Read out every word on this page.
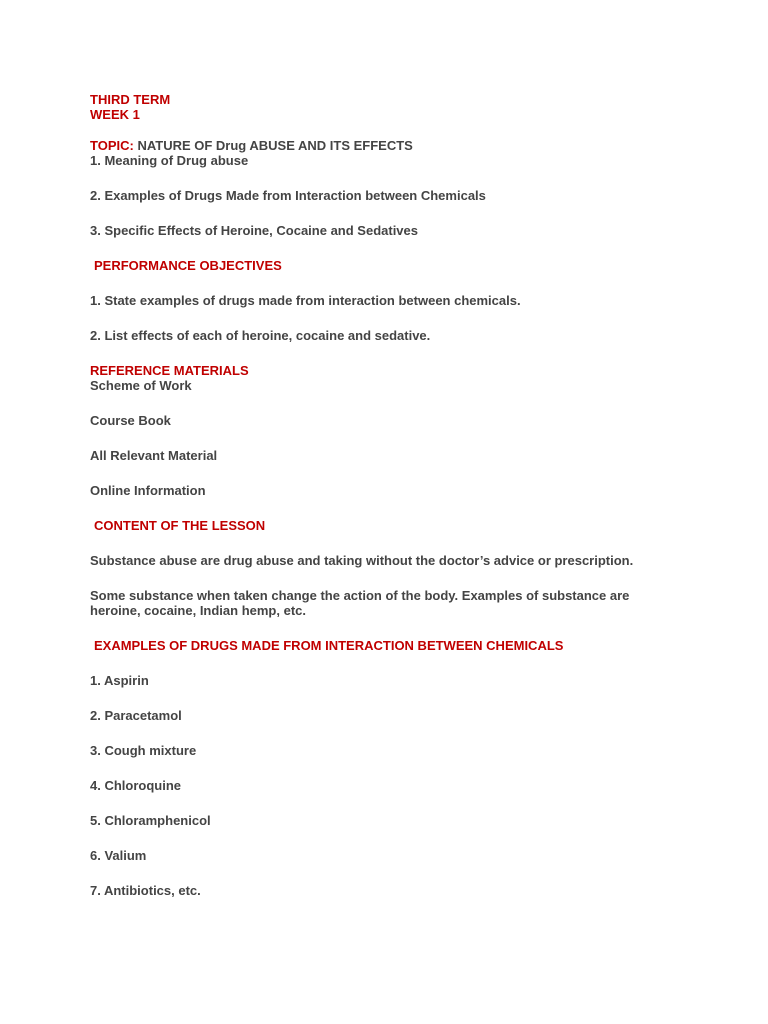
THIRD TERM
WEEK 1
TOPIC: NATURE OF Drug ABUSE AND ITS EFFECTS
1. Meaning of Drug abuse
2. Examples of Drugs Made from Interaction between Chemicals
3. Specific Effects of Heroine, Cocaine and Sedatives
PERFORMANCE OBJECTIVES
1. State examples of drugs made from interaction between chemicals.
2. List effects of each of heroine, cocaine and sedative.
REFERENCE MATERIALS
Scheme of Work
Course Book
All Relevant Material
Online Information
CONTENT OF THE LESSON
Substance abuse are drug abuse and taking without the doctor’s advice or prescription.
Some substance when taken change the action of the body. Examples of substance are heroine, cocaine, Indian hemp, etc.
EXAMPLES OF DRUGS MADE FROM INTERACTION BETWEEN CHEMICALS
1. Aspirin
2. Paracetamol
3. Cough mixture
4. Chloroquine
5. Chloramphenicol
6. Valium
7. Antibiotics, etc.
